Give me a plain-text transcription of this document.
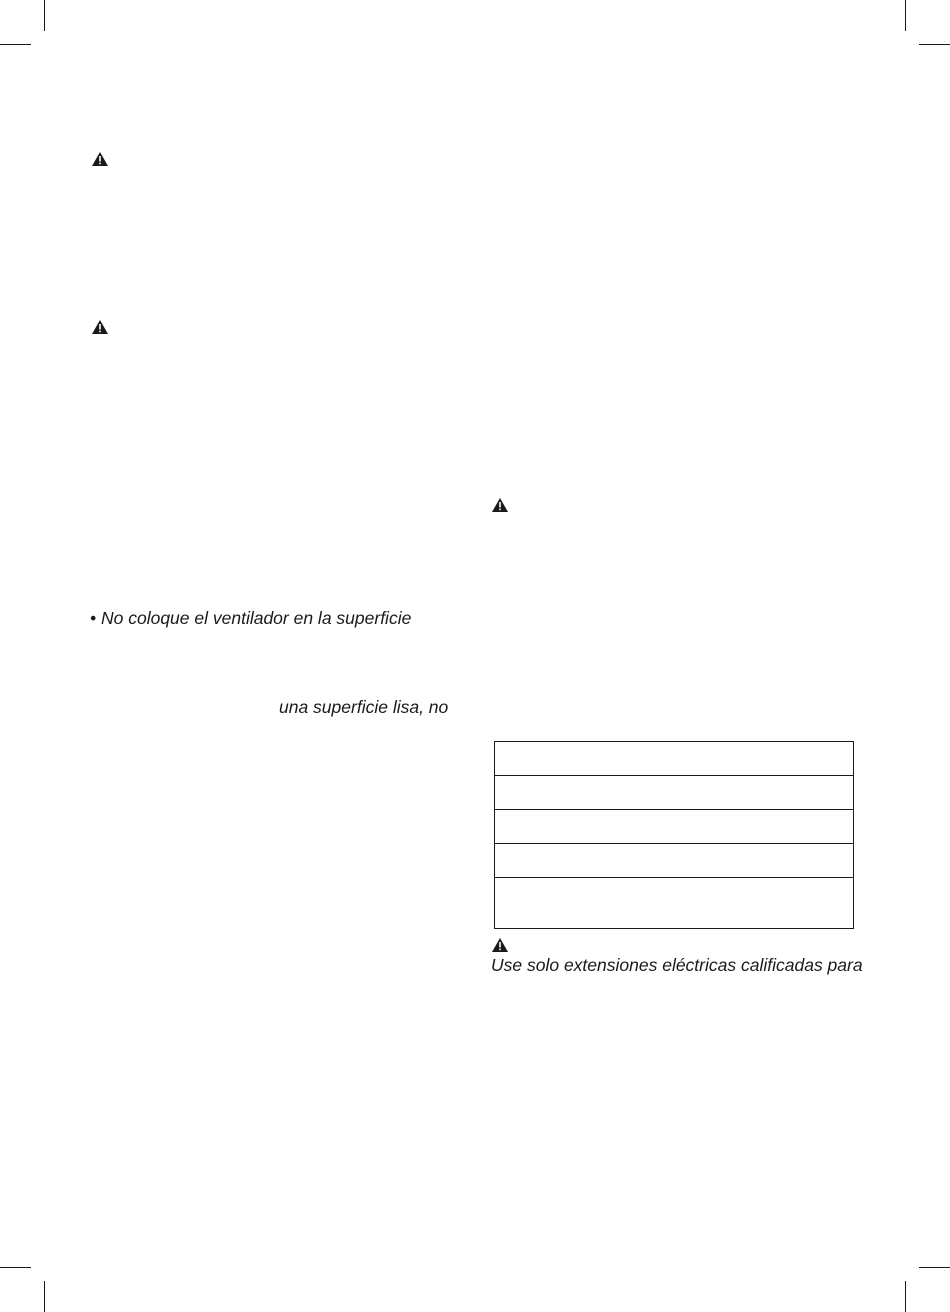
• No coloque el ventilador en la superficie
una superficie lisa, no

Use solo extensiones eléctricas calificadas para
